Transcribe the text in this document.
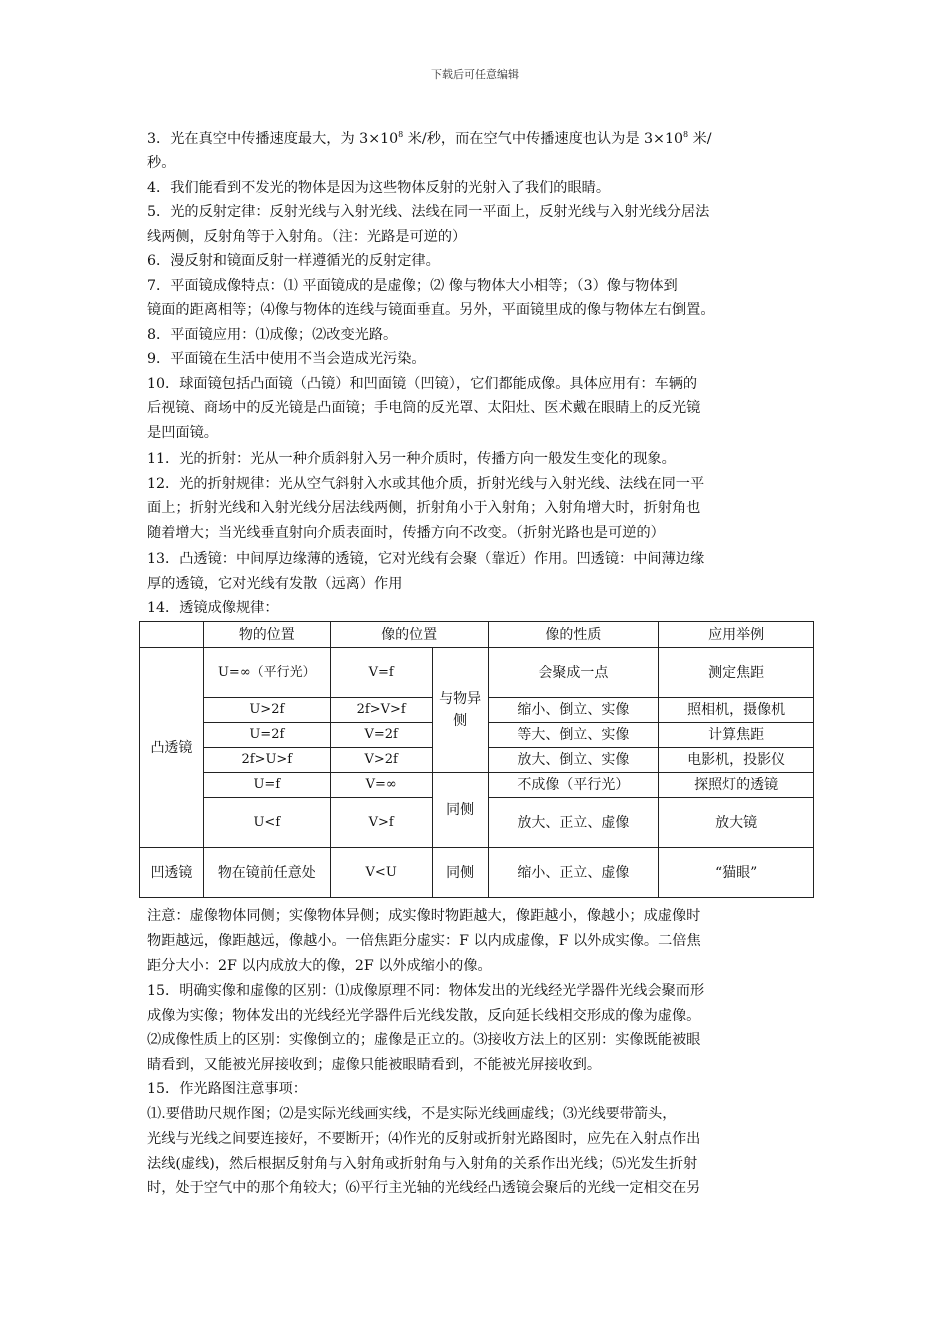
下载后可任意编辑
3．光在真空中传播速度最大，为 $3\times 10^8$ 米/秒，而在空气中传播速度也认为是 $3\times 10^8$ 米/
秒。
4．我们能看到不发光的物体是因为这些物体反射的光射入了我们的眼睛。
5．光的反射定律：反射光线与入射光线、法线在同一平面上，反射光线与入射光线分居法
线两侧，反射角等于入射角。（注：光路是可逆的）
6．漫反射和镜面反射一样遵循光的反射定律。
7．平面镜成像特点：⑴ 平面镜成的是虚像；⑵ 像与物体大小相等；（3）像与物体到
镜面的距离相等；⑷像与物体的连线与镜面垂直。另外，平面镜里成的像与物体左右倒置。
8．平面镜应用：⑴成像；⑵改变光路。
9．平面镜在生活中使用不当会造成光污染。
10．球面镜包括凸面镜（凸镜）和凹面镜（凹镜），它们都能成像。具体应用有：车辆的
后视镜、商场中的反光镜是凸面镜；手电筒的反光罩、太阳灶、医术戴在眼睛上的反光镜
是凹面镜。
11．光的折射：光从一种介质斜射入另一种介质时，传播方向一般发生变化的现象。
12．光的折射规律：光从空气斜射入水或其他介质，折射光线与入射光线、法线在同一平
面上；折射光线和入射光线分居法线两侧，折射角小于入射角；入射角增大时，折射角也
随着增大；当光线垂直射向介质表面时，传播方向不改变。（折射光路也是可逆的）
13．凸透镜：中间厚边缘薄的透镜，它对光线有会聚（靠近）作用。凹透镜：中间薄边缘
厚的透镜，它对光线有发散（远离）作用
14．透镜成像规律：
	物的位置	像的位置		像的性质	应用举例
凸透镜	U=∞（平行光）	V=f	与物异侧	会聚成一点	测定焦距
	U>2f	2f>V>f		缩小、倒立、实像	照相机，摄像机
	U=2f	V=2f		等大、倒立、实像	计算焦距
	2f>U>f	V>2f		放大、倒立、实像	电影机，投影仪
	U=f	V=∞	同侧	不成像（平行光）	探照灯的透镜
	U<f	V>f		放大、正立、虚像	放大镜
凹透镜	物在镜前任意处	V<U	同侧	缩小、正立、虚像	“猫眼”
注意：虚像物体同侧；实像物体异侧；成实像时物距越大，像距越小，像越小；成虚像时
物距越远，像距越远，像越小。一倍焦距分虚实：F 以内成虚像，F 以外成实像。二倍焦
距分大小：2F 以内成放大的像，2F 以外成缩小的像。
15．明确实像和虚像的区别：⑴成像原理不同：物体发出的光线经光学器件光线会聚而形
成像为实像；物体发出的光线经光学器件后光线发散，反向延长线相交形成的像为虚像。
⑵成像性质上的区别：实像倒立的；虚像是正立的。⑶接收方法上的区别：实像既能被眼
睛看到，又能被光屏接收到；虚像只能被眼睛看到，不能被光屏接收到。
15．作光路图注意事项：
⑴.要借助尺规作图；⑵是实际光线画实线，不是实际光线画虚线；⑶光线要带箭头，
光线与光线之间要连接好，不要断开；⑷作光的反射或折射光路图时，应先在入射点作出
法线(虚线)，然后根据反射角与入射角或折射角与入射角的关系作出光线；⑸光发生折射
时，处于空气中的那个角较大；⑹平行主光轴的光线经凸透镜会聚后的光线一定相交在另
